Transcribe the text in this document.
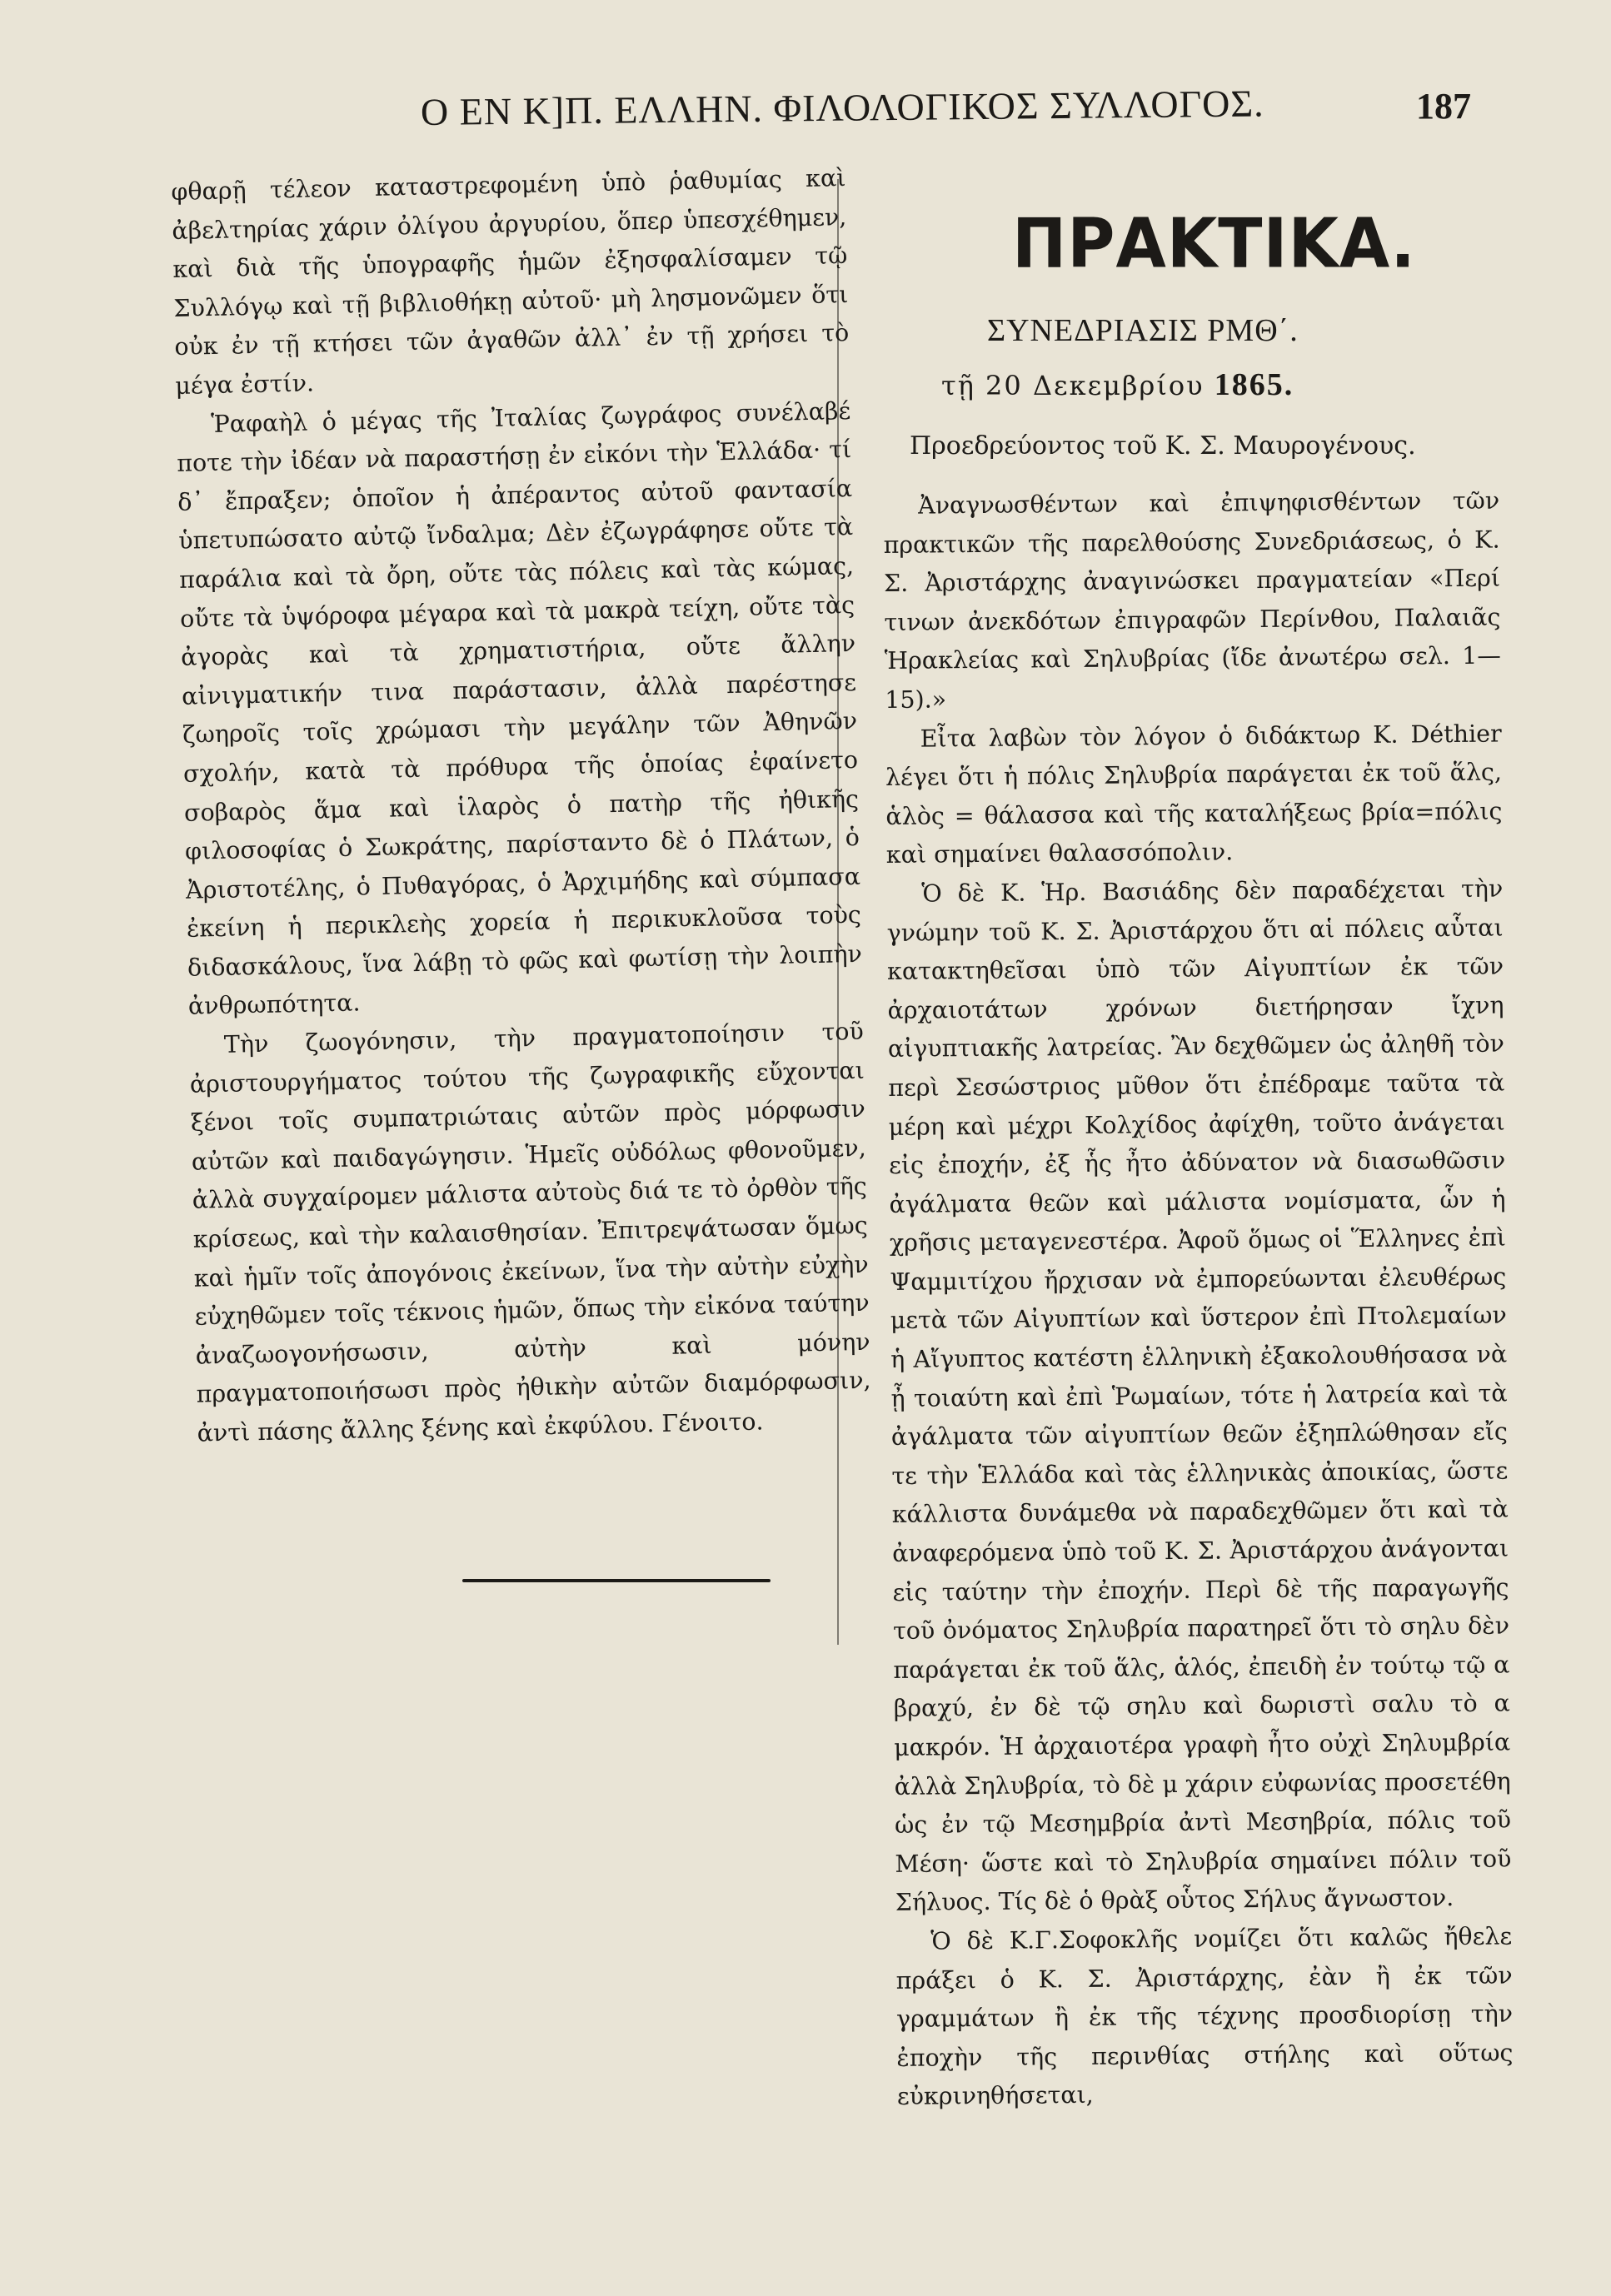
Ο ΕΝ Κ]Π. ΕΛΛΗΝ. ΦΙΛΟΛΟΓΙΚΟΣ ΣΥΛΛΟΓΟΣ.	187

φθαρῇ τέλεον καταστρεφομένη ὑπὸ ῥαθυμίας καὶ ἀβελτηρίας χάριν ὀλίγου ἀργυρίου, ὅπερ ὑπεσχέθημεν, καὶ διὰ τῆς ὑπογραφῆς ἡμῶν ἐξησφαλίσαμεν τῷ Συλλόγῳ καὶ τῇ βιβλιοθήκῃ αὐτοῦ· μὴ λησμονῶμεν ὅτι οὐκ ἐν τῇ κτήσει τῶν ἀγαθῶν ἀλλ᾽ ἐν τῇ χρήσει τὸ μέγα ἐστίν.

Ῥαφαὴλ ὁ μέγας τῆς Ἰταλίας ζωγράφος συνέλαβέ ποτε τὴν ἰδέαν νὰ παραστήσῃ ἐν εἰκόνι τὴν Ἑλλάδα· τί δ᾽ ἔπραξεν; ὁποῖον ἡ ἀπέραντος αὐτοῦ φαντασία ὑπετυπώσατο αὐτῷ ἴνδαλμα; Δὲν ἐζωγράφησε οὔτε τὰ παράλια καὶ τὰ ὄρη, οὔτε τὰς πόλεις καὶ τὰς κώμας, οὔτε τὰ ὑψόροφα μέγαρα καὶ τὰ μακρὰ τείχη, οὔτε τὰς ἀγορὰς καὶ τὰ χρηματιστήρια, οὔτε ἄλλην αἰνιγματικήν τινα παράστασιν, ἀλλὰ παρέστησε ζωηροῖς τοῖς χρώμασι τὴν μεγάλην τῶν Ἀθηνῶν σχολήν, κατὰ τὰ πρόθυρα τῆς ὁποίας ἐφαίνετο σοβαρὸς ἅμα καὶ ἱλαρὸς ὁ πατὴρ τῆς ἠθικῆς φιλοσοφίας ὁ Σωκράτης, παρίσταντο δὲ ὁ Πλάτων, ὁ Ἀριστοτέλης, ὁ Πυθαγόρας, ὁ Ἀρχιμήδης καὶ σύμπασα ἐκείνη ἡ περικλεὴς χορεία ἡ περικυκλοῦσα τοὺς διδασκάλους, ἵνα λάβῃ τὸ φῶς καὶ φωτίσῃ τὴν λοιπὴν ἀνθρωπότητα.

Τὴν ζωογόνησιν, τὴν πραγματοποίησιν τοῦ ἀριστουργήματος τούτου τῆς ζωγραφικῆς εὔχονται ξένοι τοῖς συμπατριώταις αὐτῶν πρὸς μόρφωσιν αὐτῶν καὶ παιδαγώγησιν. Ἡμεῖς οὐδόλως φθονοῦμεν, ἀλλὰ συγχαίρομεν μάλιστα αὐτοὺς διά τε τὸ ὀρθὸν τῆς κρίσεως, καὶ τὴν καλαισθησίαν. Ἐπιτρεψάτωσαν ὅμως καὶ ἡμῖν τοῖς ἀπογόνοις ἐκείνων, ἵνα τὴν αὐτὴν εὐχὴν εὐχηθῶμεν τοῖς τέκνοις ἡμῶν, ὅπως τὴν εἰκόνα ταύτην ἀναζωογονήσωσιν, αὐτὴν καὶ μόνην πραγματοποιήσωσι πρὸς ἠθικὴν αὐτῶν διαμόρφωσιν, ἀντὶ πάσης ἄλλης ξένης καὶ ἐκφύλου. Γένοιτο.

ΠΡΑΚΤΙΚΑ.
ΣΥΝΕΔΡΙΑΣΙΣ ΡΜΘ΄.
τῇ 20 Δεκεμβρίου 1865.
Προεδρεύοντος τοῦ Κ. Σ. Μαυρογένους.

Ἀναγνωσθέντων καὶ ἐπιψηφισθέντων τῶν πρακτικῶν τῆς παρελθούσης Συνεδριάσεως, ὁ Κ. Σ. Ἀριστάρχης ἀναγινώσκει πραγματείαν «Περί τινων ἀνεκδότων ἐπιγραφῶν Περίνθου, Παλαιᾶς Ἡρακλείας καὶ Σηλυβρίας (ἴδε ἀνωτέρω σελ. 1—15).»

Εἶτα λαβὼν τὸν λόγον ὁ διδάκτωρ Κ. Déthier λέγει ὅτι ἡ πόλις Σηλυβρία παράγεται ἐκ τοῦ ἅλς, ἁλὸς = θάλασσα καὶ τῆς καταλήξεως βρία=πόλις καὶ σημαίνει θαλασσόπολιν.

Ὁ δὲ Κ. Ἡρ. Βασιάδης δὲν παραδέχεται τὴν γνώμην τοῦ Κ. Σ. Ἀριστάρχου ὅτι αἱ πόλεις αὗται κατακτηθεῖσαι ὑπὸ τῶν Αἰγυπτίων ἐκ τῶν ἀρχαιοτάτων χρόνων διετήρησαν ἴχνη αἰγυπτιακῆς λατρείας. Ἂν δεχθῶμεν ὡς ἀληθῆ τὸν περὶ Σεσώστριος μῦθον ὅτι ἐπέδραμε ταῦτα τὰ μέρη καὶ μέχρι Κολχίδος ἀφίχθη, τοῦτο ἀνάγεται εἰς ἐποχήν, ἐξ ἧς ἦτο ἀδύνατον νὰ διασωθῶσιν ἀγάλματα θεῶν καὶ μάλιστα νομίσματα, ὧν ἡ χρῆσις μεταγενεστέρα. Ἀφοῦ ὅμως οἱ Ἕλληνες ἐπὶ Ψαμμιτίχου ἤρχισαν νὰ ἐμπορεύωνται ἐλευθέρως μετὰ τῶν Αἰγυπτίων καὶ ὕστερον ἐπὶ Πτολεμαίων ἡ Αἴγυπτος κατέστη ἑλληνικὴ ἐξακολουθήσασα νὰ ᾖ τοιαύτη καὶ ἐπὶ Ῥωμαίων, τότε ἡ λατρεία καὶ τὰ ἀγάλματα τῶν αἰγυπτίων θεῶν ἐξηπλώθησαν εἴς τε τὴν Ἑλλάδα καὶ τὰς ἑλληνικὰς ἀποικίας, ὥστε κάλλιστα δυνάμεθα νὰ παραδεχθῶμεν ὅτι καὶ τὰ ἀναφερόμενα ὑπὸ τοῦ Κ. Σ. Ἀριστάρχου ἀνάγονται εἰς ταύτην τὴν ἐποχήν. Περὶ δὲ τῆς παραγωγῆς τοῦ ὀνόματος Σηλυβρία παρατηρεῖ ὅτι τὸ σηλυ δὲν παράγεται ἐκ τοῦ ἅλς, ἁλός, ἐπειδὴ ἐν τούτῳ τῷ α βραχύ, ἐν δὲ τῷ σηλυ καὶ δωριστὶ σαλυ τὸ α μακρόν. Ἡ ἀρχαιοτέρα γραφὴ ἦτο οὐχὶ Σηλυμβρία ἀλλὰ Σηλυβρία, τὸ δὲ μ χάριν εὐφωνίας προσετέθη ὡς ἐν τῷ Μεσημβρία ἀντὶ Μεσηβρία, πόλις τοῦ Μέση· ὥστε καὶ τὸ Σηλυβρία σημαίνει πόλιν τοῦ Σήλυος. Τίς δὲ ὁ θρὰξ οὗτος Σήλυς ἄγνωστον.

Ὁ δὲ Κ.Γ.Σοφοκλῆς νομίζει ὅτι καλῶς ἤθελε πράξει ὁ Κ. Σ. Ἀριστάρχης, ἐὰν ἢ ἐκ τῶν γραμμάτων ἢ ἐκ τῆς τέχνης προσδιορίσῃ τὴν ἐποχὴν τῆς περινθίας στήλης καὶ οὕτως εὐκρινηθήσεται,
